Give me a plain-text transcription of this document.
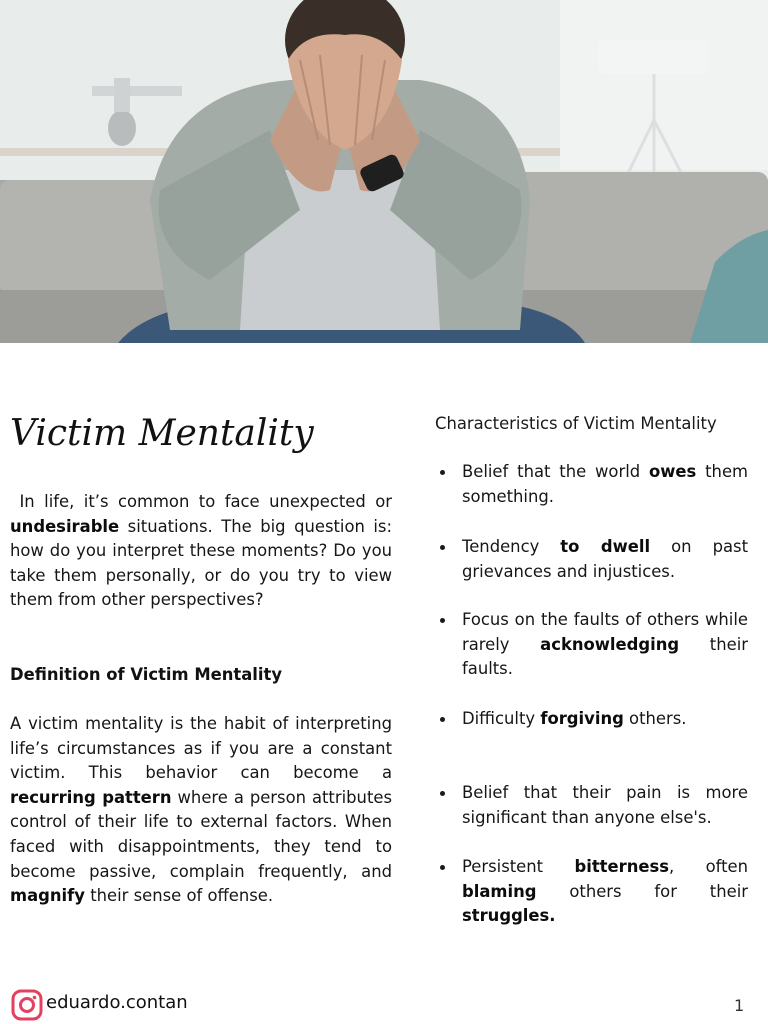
Victim Mentality

In life, it’s common to face unexpected or undesirable situations. The big question is: how do you interpret these moments? Do you take them personally, or do you try to view them from other perspectives?

Definition of Victim Mentality

A victim mentality is the habit of interpreting life’s circumstances as if you are a constant victim. This behavior can become a recurring pattern where a person attributes control of their life to external factors. When faced with disappointments, they tend to become passive, complain frequently, and magnify their sense of offense.

Characteristics of Victim Mentality
Belief that the world owes them something.
Tendency to dwell on past grievances and injustices.
Focus on the faults of others while rarely acknowledging their faults.
Difficulty forgiving others.
Belief that their pain is more significant than anyone else's.
Persistent bitterness, often blaming others for their struggles.
eduardo.contan	1
